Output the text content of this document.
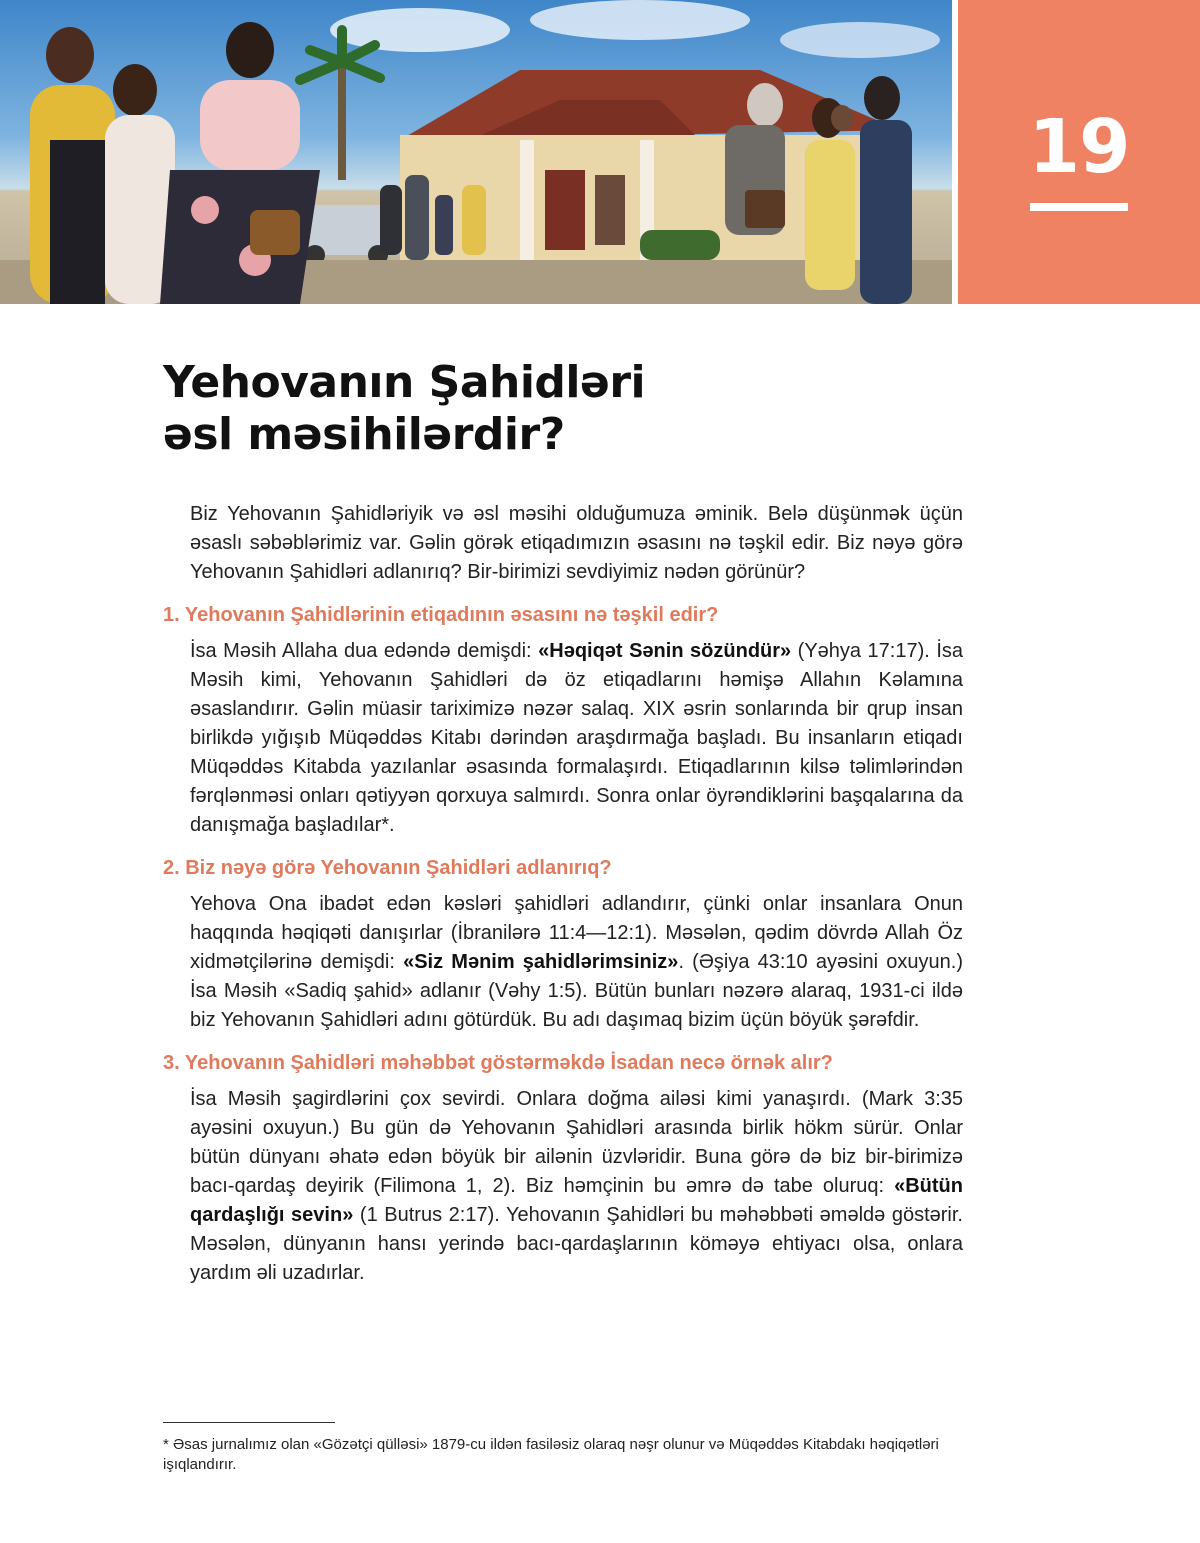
19
Yehovanın Şahidləri
əsl məsihilərdir?

Biz Yehovanın Şahidləriyik və əsl məsihi olduğumuza əminik. Belə düşünmək üçün əsaslı səbəblərimiz var. Gəlin görək etiqadımızın əsasını nə təşkil edir. Biz nəyə görə Yehovanın Şahidləri adlanırıq? Bir-birimizi sevdiyimiz nədən görünür?

1. Yehovanın Şahidlərinin etiqadının əsasını nə təşkil edir?

İsa Məsih Allaha dua edəndə demişdi: «Həqiqət Sənin sözündür» (Yəhya 17:17). İsa Məsih kimi, Yehovanın Şahidləri də öz etiqadlarını həmişə Allahın Kəlamına əsaslandırır. Gəlin müasir tariximizə nəzər salaq. XIX əsrin sonlarında bir qrup insan birlikdə yığışıb Müqəddəs Kitabı dərindən araşdırmağa başladı. Bu insanların etiqadı Müqəddəs Kitabda yazılanlar əsasında formalaşırdı. Etiqadlarının kilsə təlimlərindən fərqlənməsi onları qətiyyən qorxuya salmırdı. Sonra onlar öyrəndiklərini başqalarına da danışmağa başladılar*.

2. Biz nəyə görə Yehovanın Şahidləri adlanırıq?

Yehova Ona ibadət edən kəsləri şahidləri adlandırır, çünki onlar insanlara Onun haqqında həqiqəti danışırlar (İbranilərə 11:4—12:1). Məsələn, qədim dövrdə Allah Öz xidmətçilərinə demişdi: «Siz Mənim şahidlərimsiniz». (Əşiya 43:10 ayəsini oxuyun.) İsa Məsih «Sadiq şahid» adlanır (Vəhy 1:5). Bütün bunları nəzərə alaraq, 1931-ci ildə biz Yehovanın Şahidləri adını götürdük. Bu adı daşımaq bizim üçün böyük şərəfdir.

3. Yehovanın Şahidləri məhəbbət göstərməkdə İsadan necə örnək alır?

İsa Məsih şagirdlərini çox sevirdi. Onlara doğma ailəsi kimi yanaşırdı. (Mark 3:35 ayəsini oxuyun.) Bu gün də Yehovanın Şahidləri arasında birlik hökm sürür. Onlar bütün dünyanı əhatə edən böyük bir ailənin üzvləridir. Buna görə də biz bir-birimizə bacı-qardaş deyirik (Filimona 1, 2). Biz həmçinin bu əmrə də tabe oluruq: «Bütün qardaşlığı sevin» (1 Butrus 2:17). Yehovanın Şahidləri bu məhəbbəti əməldə göstərir. Məsələn, dünyanın hansı yerində bacı-qardaşlarının köməyə ehtiyacı olsa, onlara yardım əli uzadırlar.

* Əsas jurnalımız olan «Gözətçi qülləsi» 1879-cu ildən fasiləsiz olaraq nəşr olunur və Müqəddəs Kitabdakı həqiqətləri işıqlandırır.
